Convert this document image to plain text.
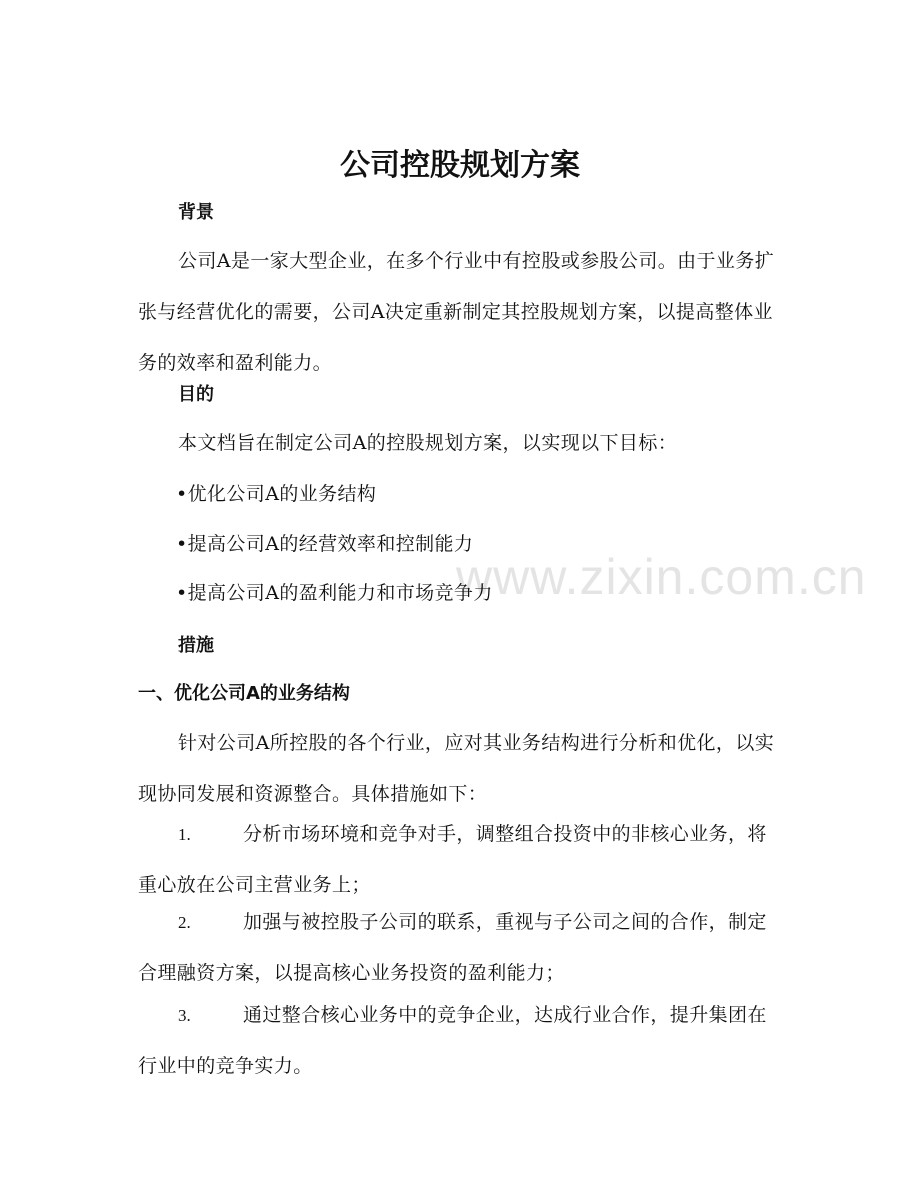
www.zixin.com.cn
公司控股规划方案
背景
公司A是一家大型企业，在多个行业中有控股或参股公司。由于业务扩张与经营优化的需要，公司A决定重新制定其控股规划方案，以提高整体业务的效率和盈利能力。
目的
本文档旨在制定公司A的控股规划方案，以实现以下目标：
•优化公司A的业务结构
•提高公司A的经营效率和控制能力
•提高公司A的盈利能力和市场竞争力
措施
一、优化公司A的业务结构
针对公司A所控股的各个行业，应对其业务结构进行分析和优化，以实现协同发展和资源整合。具体措施如下：
1.	分析市场环境和竞争对手，调整组合投资中的非核心业务，将重心放在公司主营业务上；
2.	加强与被控股子公司的联系，重视与子公司之间的合作，制定合理融资方案，以提高核心业务投资的盈利能力；
3.	通过整合核心业务中的竞争企业，达成行业合作，提升集团在行业中的竞争实力。
